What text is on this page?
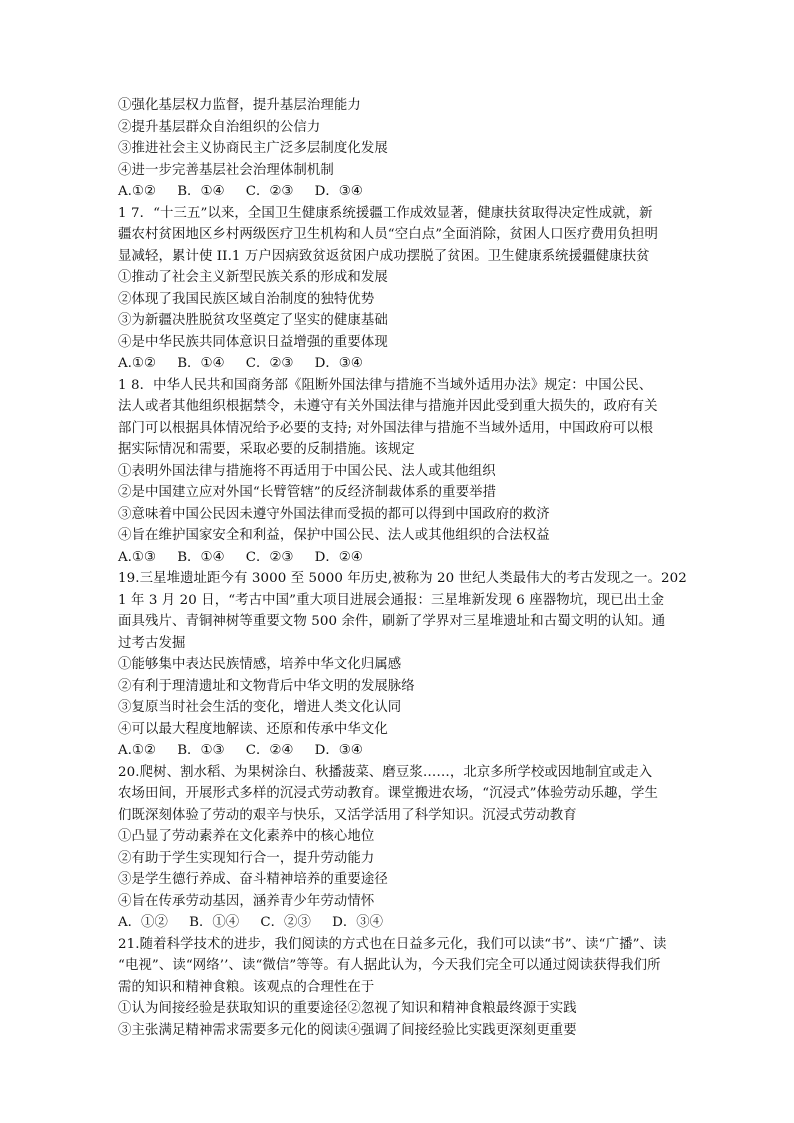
①强化基层权力监督，提升基层治理能力
②提升基层群众自治组织的公信力
③推进社会主义协商民主广泛多层制度化发展
④进一步完善基层社会治理体制机制
A.①②     B．①④     C．②③     D．③④
1 7．“十三五”以来，全国卫生健康系统援疆工作成效显著，健康扶贫取得决定性成就，新
疆农村贫困地区乡村两级医疗卫生机构和人员“空白点”全面消除，贫困人口医疗费用负担明
显减轻，累计使 II.1 万户因病致贫返贫困户成功摆脱了贫困。卫生健康系统援疆健康扶贫
①推动了社会主义新型民族关系的形成和发展
②体现了我国民族区域自治制度的独特优势
③为新疆决胜脱贫攻坚奠定了坚实的健康基础
④是中华民族共同体意识日益增强的重要体现
A.①②     B．①④     C．②③     D．③④
1 8．中华人民共和国商务部《阻断外国法律与措施不当域外适用办法》规定：中国公民、
法人或者其他组织根据禁令，未遵守有关外国法律与措施并因此受到重大损失的，政府有关
部门可以根据具体情况给予必要的支持; 对外国法律与措施不当域外适用，中国政府可以根
据实际情况和需要，采取必要的反制措施。该规定
①表明外国法律与措施将不再适用于中国公民、法人或其他组织
②是中国建立应对外国“长臂管辖”的反经济制裁体系的重要举措
③意味着中国公民因未遵守外国法律而受损的都可以得到中国政府的救济
④旨在维护国家安全和利益，保护中国公民、法人或其他组织的合法权益
A.①③     B．①④     C．②③     D．②④
19.三星堆遗址距今有 3000 至 5000 年历史,被称为 20 世纪人类最伟大的考古发现之一。202
1 年 3 月 20 日，“考古中国”重大项目进展会通报：三星堆新发现 6 座器物坑，现已出土金
面具残片、青铜神树等重要文物 500 余件，刷新了学界对三星堆遗址和古蜀文明的认知。通
过考古发掘
①能够集中表达民族情感，培养中华文化归属感
②有利于理清遗址和文物背后中华文明的发展脉络
③复原当时社会生活的变化，增进人类文化认同
④可以最大程度地解读、还原和传承中华文化
A.①②     B．①③     C．②④     D．③④
20.爬树、割水稻、为果树涂白、秋播菠菜、磨豆浆……，北京多所学校或因地制宜或走入
农场田间，开展形式多样的沉浸式劳动教育。课堂搬进农场，“沉浸式”体验劳动乐趣，学生
们既深刻体验了劳动的艰辛与快乐，又活学活用了科学知识。沉浸式劳动教育
①凸显了劳动素养在文化素养中的核心地位
②有助于学生实现知行合一，提升劳动能力
③是学生德行养成、奋斗精神培养的重要途径
④旨在传承劳动基因，涵养青少年劳动情怀
A．①②     B．①④     C．②③     D．③④
21.随着科学技术的进步，我们阅读的方式也在日益多元化，我们可以读“书”、读“广播”、读
“电视”、读“网络’’、读“微信”等等。有人据此认为，今天我们完全可以通过阅读获得我们所
需的知识和精神食粮。该观点的合理性在于
①认为间接经验是获取知识的重要途径②忽视了知识和精神食粮最终源于实践
③主张满足精神需求需要多元化的阅读④强调了间接经验比实践更深刻更重要
